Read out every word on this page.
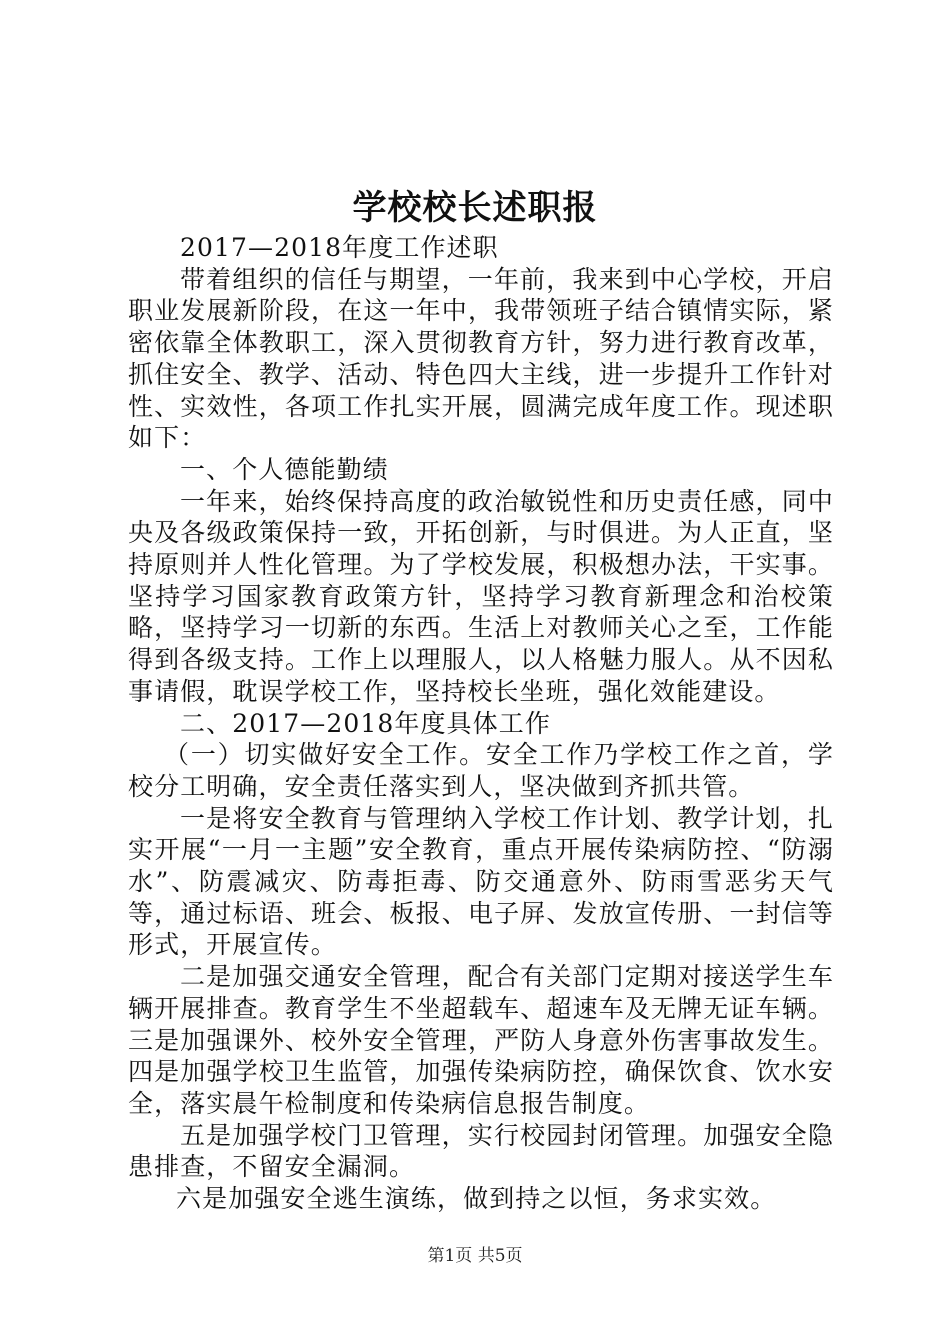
学校校长述职报

2017—2018年度工作述职

带着组织的信任与期望，一年前，我来到中心学校，开启职业发展新阶段，在这一年中，我带领班子结合镇情实际，紧密依靠全体教职工，深入贯彻教育方针，努力进行教育改革，抓住安全、教学、活动、特色四大主线，进一步提升工作针对性、实效性，各项工作扎实开展，圆满完成年度工作。现述职如下：

一、个人德能勤绩

一年来，始终保持高度的政治敏锐性和历史责任感，同中央及各级政策保持一致，开拓创新，与时俱进。为人正直，坚持原则并人性化管理。为了学校发展，积极想办法，干实事。坚持学习国家教育政策方针，坚持学习教育新理念和治校策略，坚持学习一切新的东西。生活上对教师关心之至，工作能得到各级支持。工作上以理服人，以人格魅力服人。从不因私事请假，耽误学校工作，坚持校长坐班，强化效能建设。

二、2017—2018年度具体工作

（一）切实做好安全工作。安全工作乃学校工作之首，学校分工明确，安全责任落实到人，坚决做到齐抓共管。

一是将安全教育与管理纳入学校工作计划、教学计划，扎实开展“一月一主题”安全教育，重点开展传染病防控、“防溺水”、防震减灾、防毒拒毒、防交通意外、防雨雪恶劣天气等，通过标语、班会、板报、电子屏、发放宣传册、一封信等形式，开展宣传。

二是加强交通安全管理，配合有关部门定期对接送学生车辆开展排查。教育学生不坐超载车、超速车及无牌无证车辆。三是加强课外、校外安全管理，严防人身意外伤害事故发生。四是加强学校卫生监管，加强传染病防控，确保饮食、饮水安全，落实晨午检制度和传染病信息报告制度。

五是加强学校门卫管理，实行校园封闭管理。加强安全隐患排查，不留安全漏洞。

六是加强安全逃生演练，做到持之以恒，务求实效。

第1页 共5页
